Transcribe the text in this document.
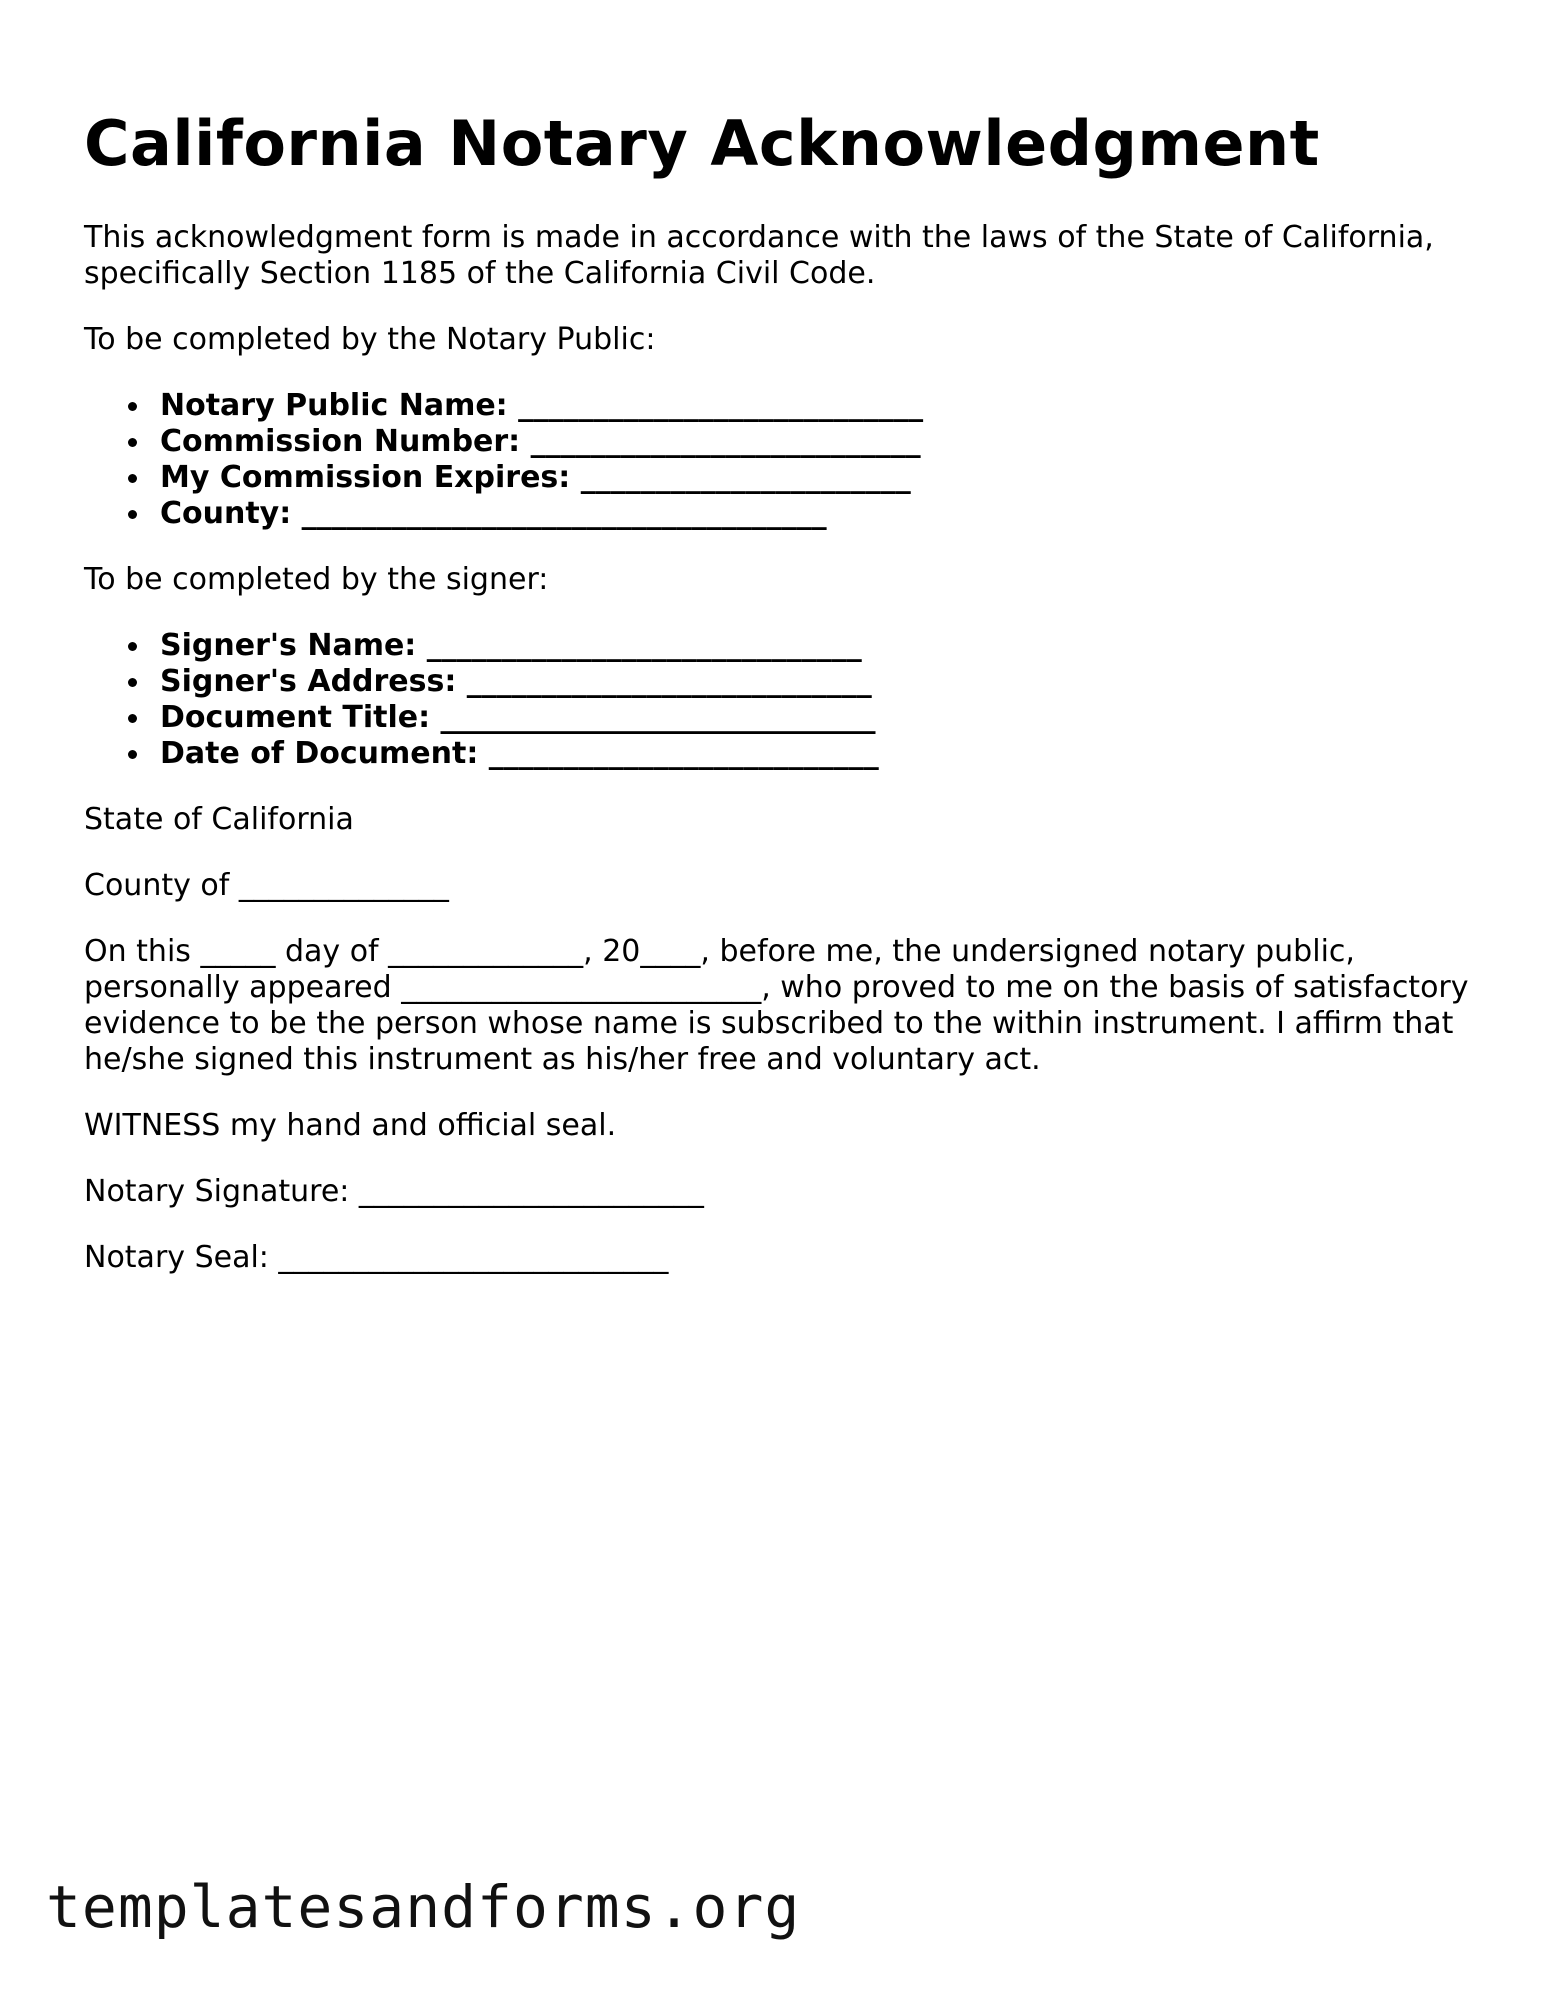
California Notary Acknowledgment

This acknowledgment form is made in accordance with the laws of the State of California, specifically Section 1185 of the California Civil Code.

To be completed by the Notary Public:

Notary Public Name: ___________________________
Commission Number: __________________________
My Commission Expires: ______________________
County: ___________________________________

To be completed by the signer:

Signer's Name: _____________________________
Signer's Address: ___________________________
Document Title: _____________________________
Date of Document: __________________________

State of California

County of ______________

On this _____ day of _____________, 20____, before me, the undersigned notary public, personally appeared ________________________, who proved to me on the basis of satisfactory evidence to be the person whose name is subscribed to the within instrument. I affirm that he/she signed this instrument as his/her free and voluntary act.

WITNESS my hand and official seal.

Notary Signature: _______________________

Notary Seal: __________________________

templatesandforms.org
